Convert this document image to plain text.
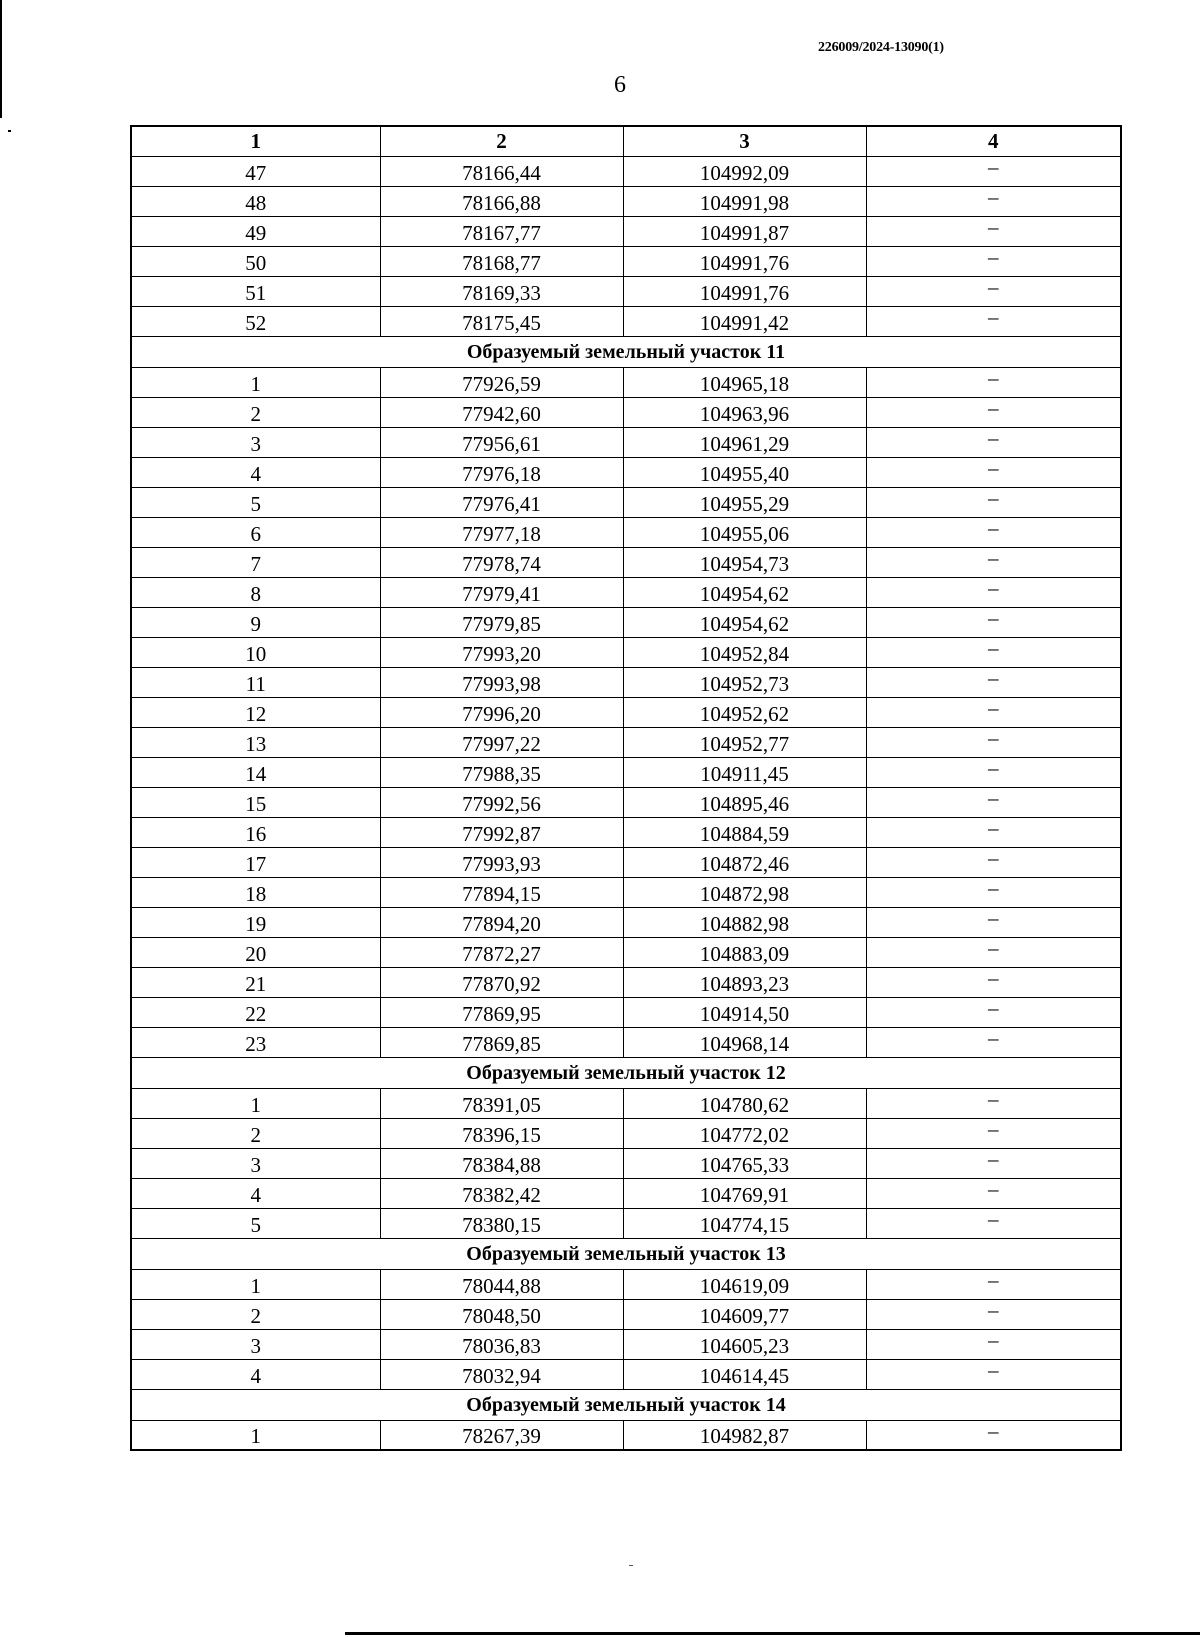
226009/2024-13090(1)
6
1	2	3	4
47	78166,44	104992,09	–
48	78166,88	104991,98	–
49	78167,77	104991,87	–
50	78168,77	104991,76	–
51	78169,33	104991,76	–
52	78175,45	104991,42	–
Образуемый земельный участок 11			
1	77926,59	104965,18	–
2	77942,60	104963,96	–
3	77956,61	104961,29	–
4	77976,18	104955,40	–
5	77976,41	104955,29	–
6	77977,18	104955,06	–
7	77978,74	104954,73	–
8	77979,41	104954,62	–
9	77979,85	104954,62	–
10	77993,20	104952,84	–
11	77993,98	104952,73	–
12	77996,20	104952,62	–
13	77997,22	104952,77	–
14	77988,35	104911,45	–
15	77992,56	104895,46	–
16	77992,87	104884,59	–
17	77993,93	104872,46	–
18	77894,15	104872,98	–
19	77894,20	104882,98	–
20	77872,27	104883,09	–
21	77870,92	104893,23	–
22	77869,95	104914,50	–
23	77869,85	104968,14	–
Образуемый земельный участок 12			
1	78391,05	104780,62	–
2	78396,15	104772,02	–
3	78384,88	104765,33	–
4	78382,42	104769,91	–
5	78380,15	104774,15	–
Образуемый земельный участок 13			
1	78044,88	104619,09	–
2	78048,50	104609,77	–
3	78036,83	104605,23	–
4	78032,94	104614,45	–
Образуемый земельный участок 14			
1	78267,39	104982,87	–
